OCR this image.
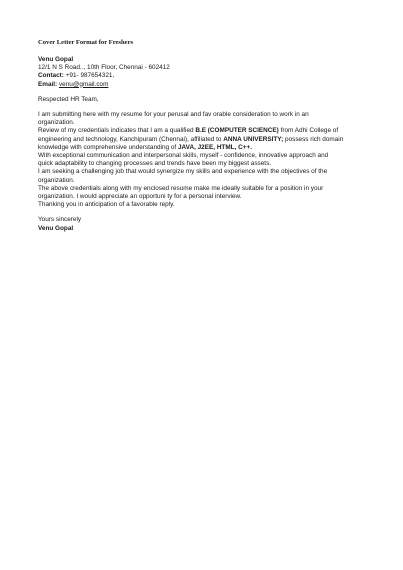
Cover Letter Format for Freshers

Venu Gopal

12/1 N S Road.., 10th Floor, Chennai - 602412

Contact: +91- 987654321,

Email: venu@gmail.com

Respected HR Team,

I am submitting here with my resume for your perusal and fav orable consideration to work in an

organization.

Review of my credentials indicates that I am a qualified B.E (COMPUTER SCIENCE) from Adhi College of

engineering and technology, Kanchipuram (Chennai), affiliated to ANNA UNIVERSITY; possess rich domain

knowledge with comprehensive understanding of JAVA, J2EE, HTML, C++.

With exceptional communication and interpersonal skills, myself - confidence, innovative approach and

quick adaptability to changing processes and trends have been my biggest assets.

I am seeking a challenging job that would synergize my skills and experience with the objectives of the

organization.

The above credentials along with my enclosed resume make me ideally suitable for a position in your

organization. I would appreciate an opportuni ty for a personal interview.

Thanking you in anticipation of a favorable reply.

Yours sincerely

Venu Gopal
